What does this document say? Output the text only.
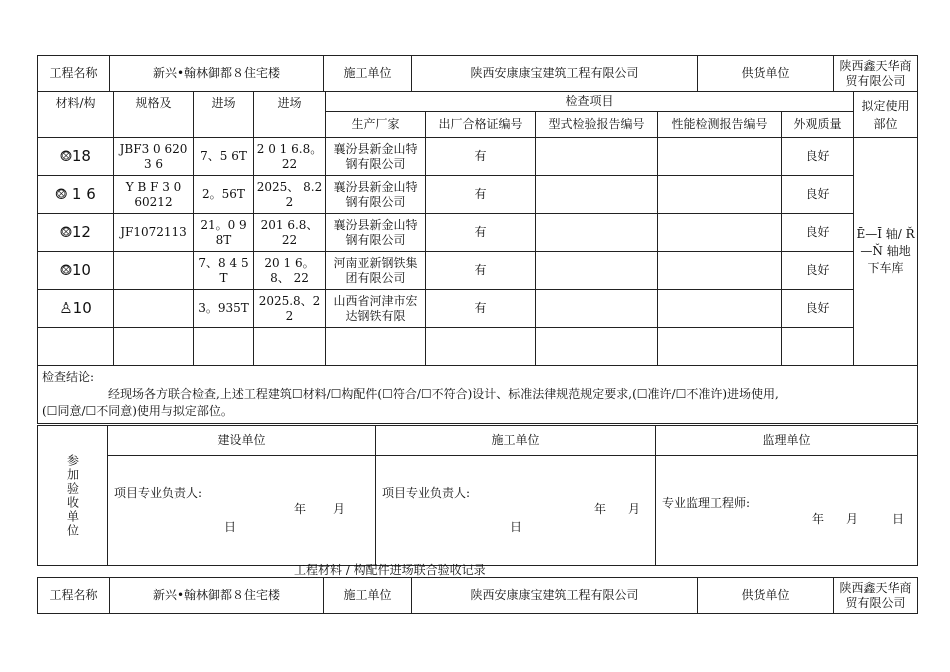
工程名称	新兴•翰林御都８住宅楼	施工单位	陕西安康康宝建筑工程有限公司	供货单位	陕西鑫天华商贸有限公司
材料/构	规格及	进场	进场	检查项目					拟定使用部位
				生产厂家	出厂合格证编号	型式检验报告编号	性能检测报告编号	外观质量	
⨷18	JBF3 0 620 3 6	7、5 6T	2 0 1 6.8。22	襄汾县新金山特钢有限公司	有			良好	Ē—Ī 轴/ Ř—Ň 轴地下车库
⨷ 1 6	Y B F 3 0 60212	2。56T	2025、 8.2 2	襄汾县新金山特钢有限公司	有			良好	
⨷12	JF1072113	21。0 9 8T	201 6.8、22	襄汾县新金山特钢有限公司	有			良好	
⨷10		7、8 4 5 T	20 1 6。 8、 22	河南亚新钢铁集团有限公司	有			良好	
♙10		3。935T	2025.8、2 2	山西省河津市宏达钢铁有限	有			良好	

检查结论:
经现场各方联合检查,上述工程建筑☐材料/☐构配件(☐符合/☐不符合)设计、标准法律规范规定要求,(☐准许/☐不准许)进场使用,
(☐同意/☐不同意)使用与拟定部位。									
参加验收单位	建设单位	施工单位	监理单位
	项目专业负责人:
年 月
日	项目专业负责人:
年 月
日	专业监理工程师:
年 月 日
工程材料 / 构配件进场联合验收记录
工程名称	新兴•翰林御都８住宅楼	施工单位	陕西安康康宝建筑工程有限公司	供货单位	陕西鑫天华商贸有限公司
